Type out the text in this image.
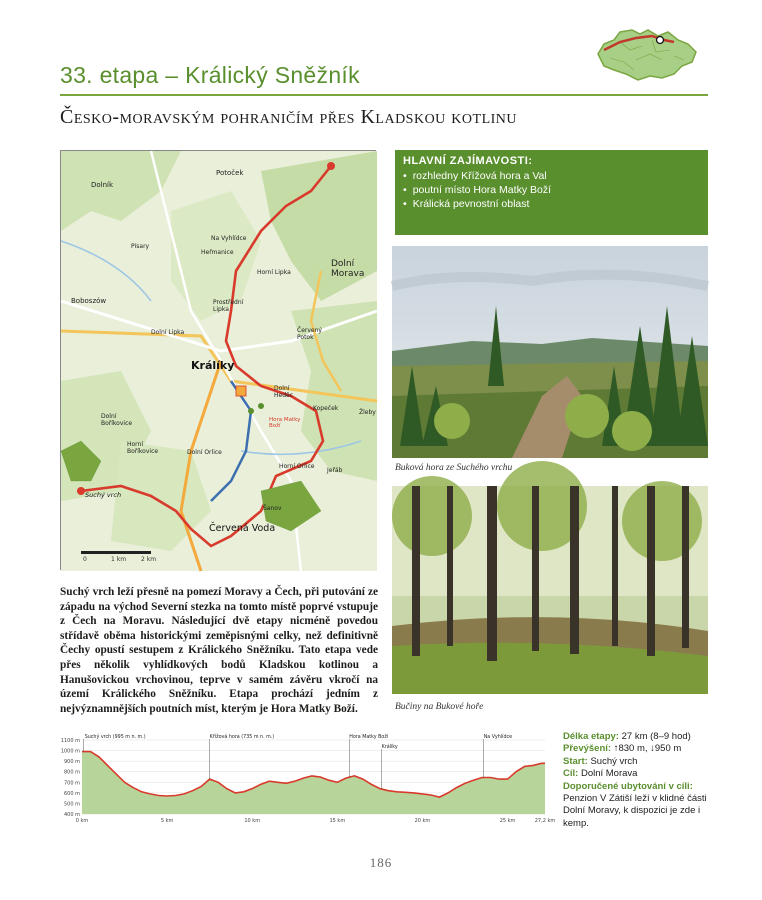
33. etapa – Králický Sněžník
Česko-moravským pohraničím přes Kladskou kotlinu
0	1 km 2 km
Potoček
Dolník
Na Vyhlídce
Heřmanice
Písary
Dolní Morava
Boboszów
Horní Lipka
Prostřední Lipka
Dolní Lipka	Červený Potok
Králíky
Dolní Heděc
Kopeček
Žleby
Dolní Boříkovice	Hora Matky Boží
Horní Boříkovice	Dolní Orlice
Horní Orlice
Jeřáb
Suchý vrch
Šanov
Červená Voda
HLAVNÍ ZAJÍMAVOSTI:
• rozhledny Křížová hora a Val
• poutní místo Hora Matky Boží
• Králická pevnostní oblast
Buková hora ze Suchého vrchu
Bučiny na Bukové hoře
Suchý vrch leží přesně na pomezí Moravy a Čech, při putování ze západu na východ Severní stezka na tomto místě poprvé vstupuje z Čech na Moravu. Následující dvě etapy nicméně povedou střídavě oběma historickými zeměpisnými celky, než definitivně Čechy opustí sestupem z Králického Sněžníku. Tato etapa vede přes několik vyhlídkových bodů Kladskou kotlinou a Hanušovickou vrchovinou, teprve v samém závěru vkročí na území Králického Sněžníku. Etapa prochází jedním z nejvýznamnějších poutních míst, kterým je Hora Matky Boží.
1100 m
1000 m
900 m
800 m
700 m
600 m
500 m
400 m
0 km	5 km	10 km	15 km	20 km	25 km	27,2 km
Suchý vrch (995 m n. m.)	Křížová hora (735 m n. m.)	Hora Matky Boží
Králíky
Na Vyhlídce	Délka etapy: 27 km (8–9 hod)
Převýšení: ↑830 m, ↓950 m
Start: Suchý vrch
Cíl: Dolní Morava
Doporučené ubytování v cíli:
Penzion V Zátiší leží v klidné části Dolní Moravy, k dispozici je zde i kemp.
186
